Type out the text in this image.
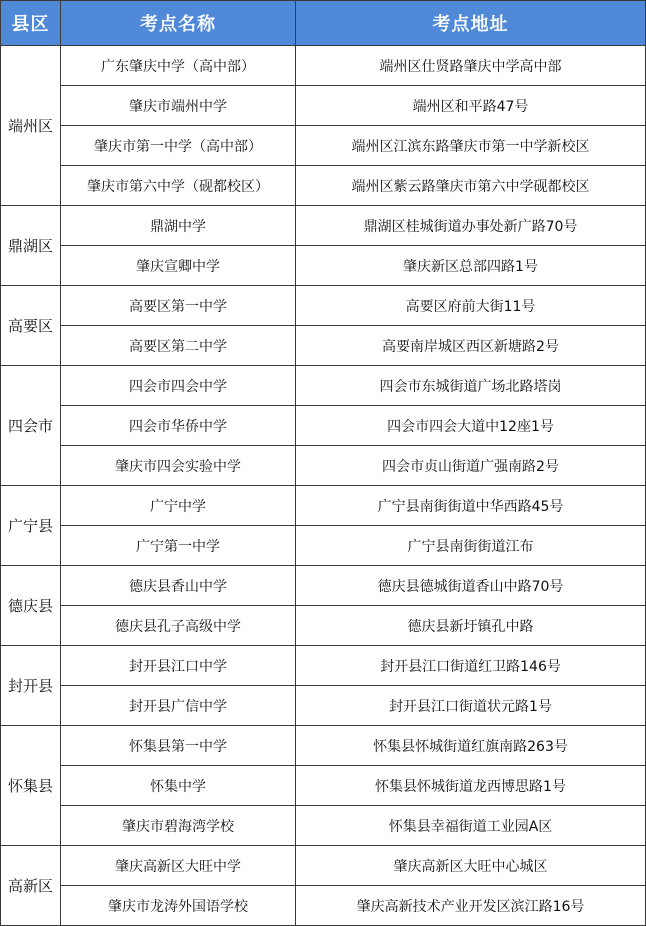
县区	考点名称	考点地址
端州区	广东肇庆中学（高中部）	端州区仕贤路肇庆中学高中部
	肇庆市端州中学	端州区和平路47号
	肇庆市第一中学（高中部）	端州区江滨东路肇庆市第一中学新校区
	肇庆市第六中学（砚都校区）	端州区紫云路肇庆市第六中学砚都校区
鼎湖区	鼎湖中学	鼎湖区桂城街道办事处新广路70号
	肇庆宣卿中学	肇庆新区总部四路1号
高要区	高要区第一中学	高要区府前大街11号
	高要区第二中学	高要南岸城区西区新塘路2号
四会市	四会市四会中学	四会市东城街道广场北路塔岗
	四会市华侨中学	四会市四会大道中12座1号
	肇庆市四会实验中学	四会市贞山街道广强南路2号
广宁县	广宁中学	广宁县南街街道中华西路45号
	广宁第一中学	广宁县南街街道江布
德庆县	德庆县香山中学	德庆县德城街道香山中路70号
	德庆县孔子高级中学	德庆县新圩镇孔中路
封开县	封开县江口中学	封开县江口街道红卫路146号
	封开县广信中学	封开县江口街道状元路1号
怀集县	怀集县第一中学	怀集县怀城街道红旗南路263号
	怀集中学	怀集县怀城街道龙西博思路1号
	肇庆市碧海湾学校	怀集县幸福街道工业园A区
高新区	肇庆高新区大旺中学	肇庆高新区大旺中心城区
	肇庆市龙涛外国语学校	肇庆高新技术产业开发区滨江路16号
